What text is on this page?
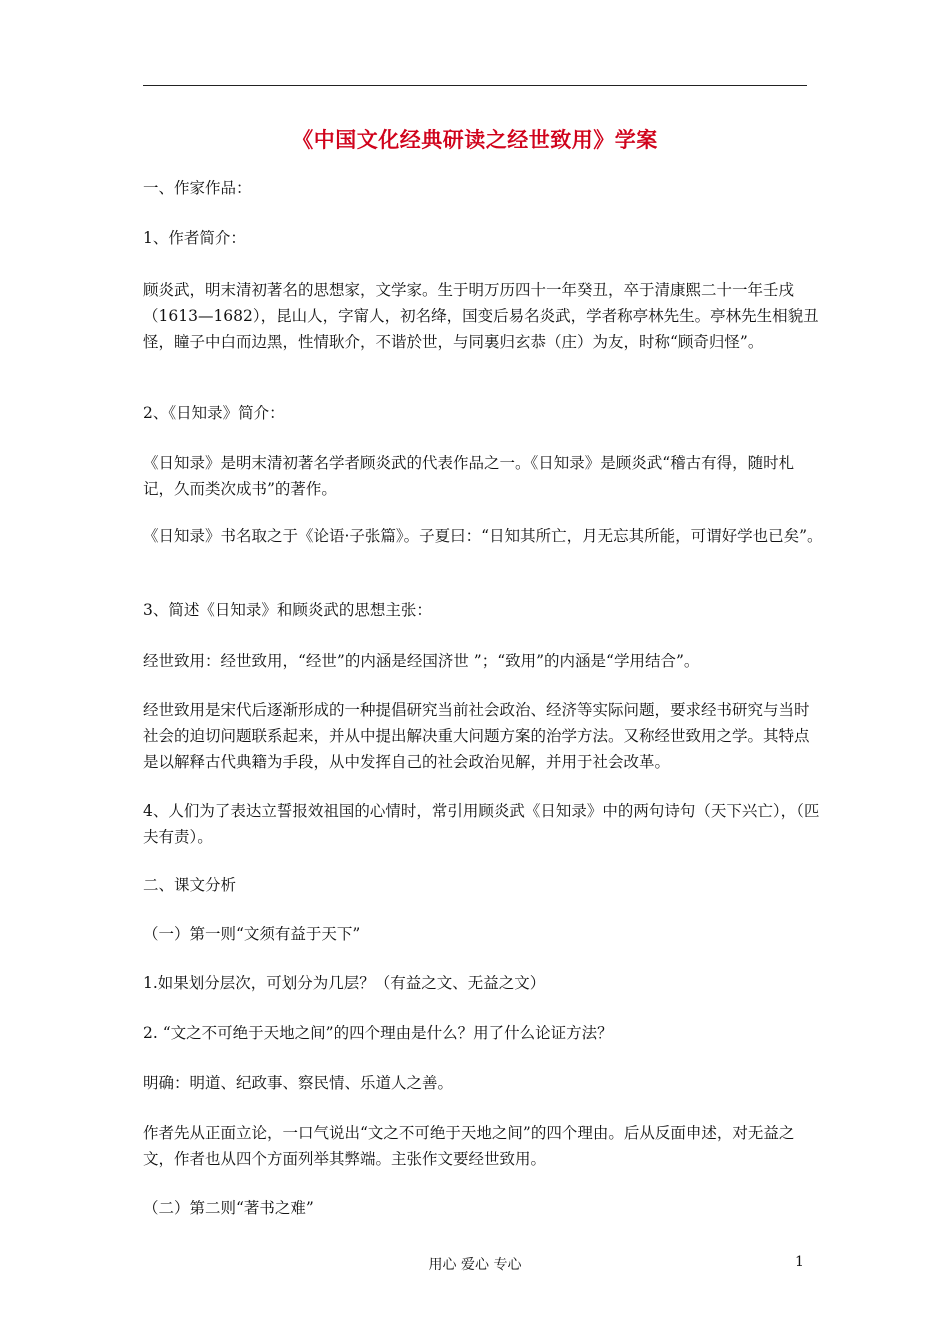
《中国文化经典研读之经世致用》学案

一、作家作品：

1、作者简介：

顾炎武，明末清初著名的思想家，文学家。生于明万历四十一年癸丑，卒于清康熙二十一年壬戌（1613—1682），昆山人，字甯人，初名绛，国变后易名炎武，学者称亭林先生。亭林先生相貌丑怪，瞳子中白而边黑，性情耿介，不谐於世，与同裏归玄恭（庄）为友，时称“顾奇归怪”。

2、《日知录》简介：

《日知录》是明末清初著名学者顾炎武的代表作品之一。《日知录》是顾炎武“稽古有得，随时札记，久而类次成书”的著作。

《日知录》书名取之于《论语·子张篇》。子夏曰：“日知其所亡，月无忘其所能，可谓好学也已矣”。

3、简述《日知录》和顾炎武的思想主张：

经世致用：经世致用，“经世”的内涵是经国济世 ”；“致用”的内涵是“学用结合”。

经世致用是宋代后逐渐形成的一种提倡研究当前社会政治、经济等实际问题，要求经书研究与当时社会的迫切问题联系起来，并从中提出解决重大问题方案的治学方法。又称经世致用之学。其特点是以解释古代典籍为手段，从中发挥自己的社会政治见解，并用于社会改革。

4、人们为了表达立誓报效祖国的心情时，常引用顾炎武《日知录》中的两句诗句（天下兴亡），（匹夫有责）。

二、课文分析

（一）第一则“文须有益于天下”

1.如果划分层次，可划分为几层？（有益之文、无益之文）

2. “文之不可绝于天地之间”的四个理由是什么？用了什么论证方法？

明确：明道、纪政事、察民情、乐道人之善。

作者先从正面立论，一口气说出“文之不可绝于天地之间”的四个理由。后从反面申述，对无益之文，作者也从四个方面列举其弊端。主张作文要经世致用。

（二）第二则“著书之难”

用心 爱心 专心	1
